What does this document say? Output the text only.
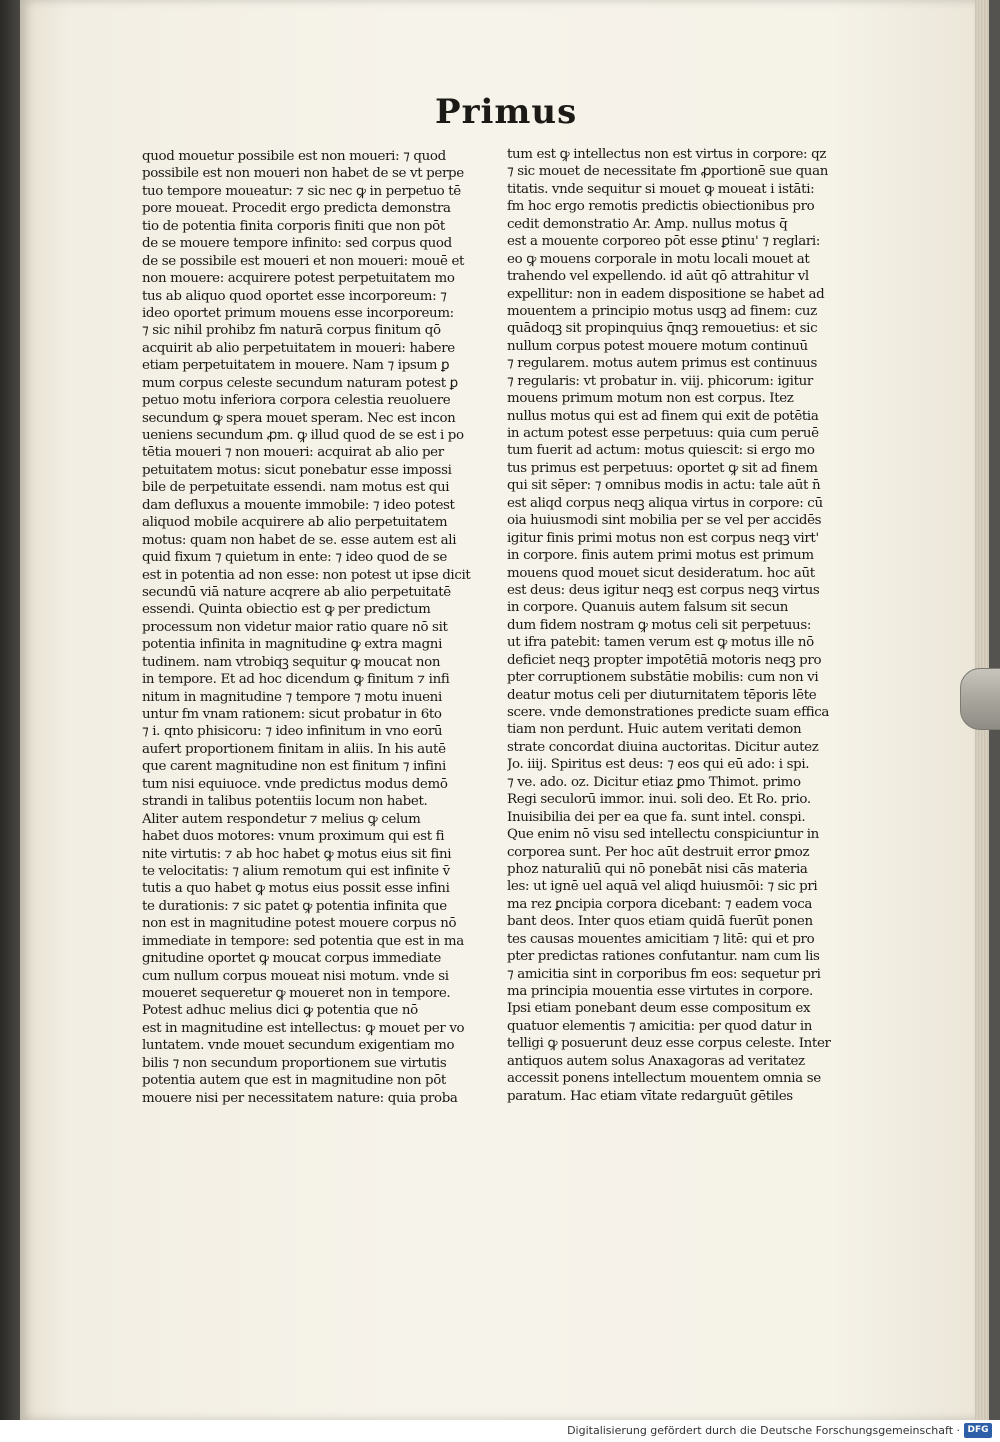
Primus
quod mouetur possibile est non moueri: ⁊ quod
possibile est non moueri non habet de se vt perpe
tuo tempore moueatur: ⁊ sic nec ꝙ in perpetuo tē
pore moueat. Procedit ergo predicta demonstra
tio de potentia finita corporis finiti que non pōt
de se mouere tempore infinito: sed corpus quod
de se possibile est moueri et non moueri: mouē et
non mouere: acquirere potest perpetuitatem mo
tus ab aliquo quod oportet esse incorporeum: ⁊
ideo oportet primum mouens esse incorporeum:
⁊ sic nihil prohibz fm naturā corpus finitum qō
acquirit ab alio perpetuitatem in moueri: habere
etiam perpetuitatem in mouere. Nam ⁊ ipsum ꝑ
mum corpus celeste secundum naturam potest ꝑ
petuo motu inferiora corpora celestia reuoluere
secundum ꝙ spera mouet speram. Nec est incon
ueniens secundum ꝓm. ꝙ illud quod de se est i po
tētia moueri ⁊ non moueri: acquirat ab alio per
petuitatem motus: sicut ponebatur esse impossi
bile de perpetuitate essendi. nam motus est qui
dam defluxus a mouente immobile: ⁊ ideo potest
aliquod mobile acquirere ab alio perpetuitatem
motus: quam non habet de se. esse autem est ali
quid fixum ⁊ quietum in ente: ⁊ ideo quod de se
est in potentia ad non esse: non potest ut ipse dicit
secundū viā nature acqrere ab alio perpetuitatē
essendi. Quinta obiectio est ꝙ per predictum
processum non videtur maior ratio quare nō sit
potentia infinita in magnitudine ꝙ extra magni
tudinem. nam vtrobiqꝫ sequitur ꝙ moucat non
in tempore. Et ad hoc dicendum ꝙ finitum ⁊ infi
nitum in magnitudine ⁊ tempore ⁊ motu inueni
untur fm vnam rationem: sicut probatur in 6to
⁊ i. qnto phisicoru: ⁊ ideo infinitum in vno eorū
aufert proportionem finitam in aliis. In his autē
que carent magnitudine non est finitum ⁊ infini
tum nisi equiuoce. vnde predictus modus demō
strandi in talibus potentiis locum non habet.
Aliter autem respondetur ⁊ melius ꝙ celum
habet duos motores: vnum proximum qui est fi
nite virtutis: ⁊ ab hoc habet ꝙ motus eius sit fini
te velocitatis: ⁊ alium remotum qui est infinite v̄
tutis a quo habet ꝙ motus eius possit esse infini
te durationis: ⁊ sic patet ꝙ potentia infinita que
non est in magnitudine potest mouere corpus nō
immediate in tempore: sed potentia que est in ma
gnitudine oportet ꝙ moucat corpus immediate
cum nullum corpus moueat nisi motum. vnde si
moueret sequeretur ꝙ moueret non in tempore.
Potest adhuc melius dici ꝙ potentia que nō
est in magnitudine est intellectus: ꝙ mouet per vo
luntatem. vnde mouet secundum exigentiam mo
bilis ⁊ non secundum proportionem sue virtutis
potentia autem que est in magnitudine non pōt
mouere nisi per necessitatem nature: quia proba
tum est ꝙ intellectus non est virtus in corpore: qz
⁊ sic mouet de necessitate fm ꝓportionē sue quan
titatis. vnde sequitur si mouet ꝙ moueat i istāti:
fm hoc ergo remotis predictis obiectionibus pro
cedit demonstratio Ar. Amp. nullus motus q̄
est a mouente corporeo pōt esse ꝑtinu' ⁊ reglari:
eo ꝙ mouens corporale in motu locali mouet at
trahendo vel expellendo. id aūt qō attrahitur vl
expellitur: non in eadem dispositione se habet ad
mouentem a principio motus usqꝫ ad finem: cuz
quādoqꝫ sit propinquius q̄nqꝫ remouetius: et sic
nullum corpus potest mouere motum continuū
⁊ regularem. motus autem primus est continuus
⁊ regularis: vt probatur in. viij. phicorum: igitur
mouens primum motum non est corpus. Itez
nullus motus qui est ad finem qui exit de potētia
in actum potest esse perpetuus: quia cum peruē
tum fuerit ad actum: motus quiescit: si ergo mo
tus primus est perpetuus: oportet ꝙ sit ad finem
qui sit sēper: ⁊ omnibus modis in actu: tale aūt n̄
est aliqd corpus neqꝫ aliqua virtus in corpore: cū
oia huiusmodi sint mobilia per se vel per accidēs
igitur finis primi motus non est corpus neqꝫ virt'
in corpore. finis autem primi motus est primum
mouens quod mouet sicut desideratum. hoc aūt
est deus: deus igitur neqꝫ est corpus neqꝫ virtus
in corpore. Quanuis autem falsum sit secun
dum fidem nostram ꝙ motus celi sit perpetuus:
ut ifra patebit: tamen verum est ꝙ motus ille nō
deficiet neqꝫ propter impotētiā motoris neqꝫ pro
pter corruptionem substātie mobilis: cum non vi
deatur motus celi per diuturnitatem tēporis lēte
scere. vnde demonstrationes predicte suam effica
tiam non perdunt. Huic autem veritati demon
strate concordat diuina auctoritas. Dicitur autez
Jo. iiij. Spiritus est deus: ⁊ eos qui eū ado: i spi.
⁊ ve. ado. oz. Dicitur etiaz ꝑmo Thimot. primo
Regi seculorū immor. inui. soli deo. Et Ro. prio.
Inuisibilia dei per ea que fa. sunt intel. conspi.
Que enim nō visu sed intellectu conspiciuntur in
corporea sunt. Per hoc aūt destruit error ꝑmoz
phoz naturaliū qui nō ponebāt nisi cās materia
les: ut ignē uel aquā vel aliqd huiusmōi: ⁊ sic pri
ma rez ꝑncipia corpora dicebant: ⁊ eadem voca
bant deos. Inter quos etiam quidā fuerūt ponen
tes causas mouentes amicitiam ⁊ litē: qui et pro
pter predictas rationes confutantur. nam cum lis
⁊ amicitia sint in corporibus fm eos: sequetur pri
ma principia mouentia esse virtutes in corpore.
Ipsi etiam ponebant deum esse compositum ex
quatuor elementis ⁊ amicitia: per quod datur in
telligi ꝙ posuerunt deuz esse corpus celeste. Inter
antiquos autem solus Anaxagoras ad veritatez
accessit ponens intellectum mouentem omnia se
paratum. Hac etiam vītate redarguūt gētiles
Digitalisierung gefördert durch die Deutsche Forschungsgemeinschaft · DFG
